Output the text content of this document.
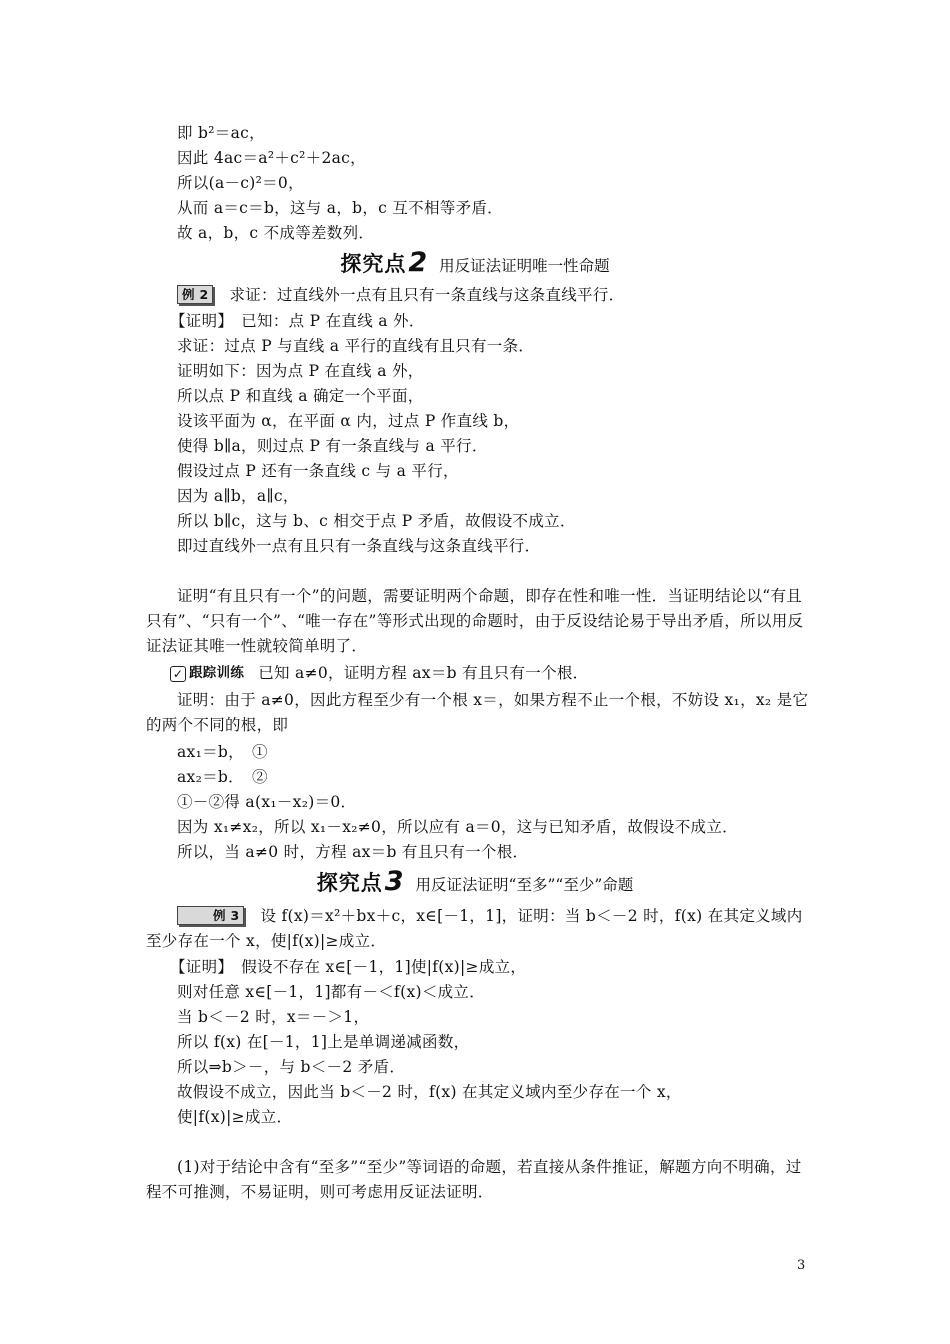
即 b²＝ac，
因此 4ac＝a²＋c²＋2ac，
所以(a－c)²＝0，
从而 a＝c＝b，这与 a，b，c 互不相等矛盾．
故 a，b，c 不成等差数列．
探究点2 用反证法证明唯一性命题
例 2 求证：过直线外一点有且只有一条直线与这条直线平行．
【证明】　已知：点 P 在直线 a 外．
求证：过点 P 与直线 a 平行的直线有且只有一条．
证明如下：因为点 P 在直线 a 外，
所以点 P 和直线 a 确定一个平面，
设该平面为 α，在平面 α 内，过点 P 作直线 b，
使得 b∥a，则过点 P 有一条直线与 a 平行．
假设过点 P 还有一条直线 c 与 a 平行，
因为 a∥b，a∥c，
所以 b∥c，这与 b、c 相交于点 P 矛盾，故假设不成立．
即过直线外一点有且只有一条直线与这条直线平行．
证明“有且只有一个”的问题，需要证明两个命题，即存在性和唯一性．当证明结论以“有且只有”、“只有一个”、“唯一存在”等形式出现的命题时，由于反设结论易于导出矛盾，所以用反证法证其唯一性就较简单明了．
✓ 跟踪训练 已知 a≠0，证明方程 ax＝b 有且只有一个根．
证明：由于 a≠0，因此方程至少有一个根 x＝，如果方程不止一个根，不妨设 x₁，x₂ 是它的两个不同的根，即
ax₁＝b，　①
ax₂＝b．　②
①－②得 a(x₁－x₂)＝0．
因为 x₁≠x₂，所以 x₁－x₂≠0，所以应有 a＝0，这与已知矛盾，故假设不成立．
所以，当 a≠0 时，方程 ax＝b 有且只有一个根．
探究点3 用反证法证明“至多”“至少”命题
例 3 设 f(x)＝x²＋bx＋c，x∈[－1，1]，证明：当 b＜－2 时，f(x) 在其定义域内至少存在一个 x，使|f(x)|≥成立．
【证明】　假设不存在 x∈[－1，1]使|f(x)|≥成立，
则对任意 x∈[－1，1]都有－＜f(x)＜成立．
当 b＜－2 时，x＝－＞1，
所以 f(x) 在[－1，1]上是单调递减函数，
所以⇒b＞－，与 b＜－2 矛盾．
故假设不成立，因此当 b＜－2 时，f(x) 在其定义域内至少存在一个 x，
使|f(x)|≥成立．
(1)对于结论中含有“至多”“至少”等词语的命题，若直接从条件推证，解题方向不明确，过程不可推测，不易证明，则可考虑用反证法证明．
3
